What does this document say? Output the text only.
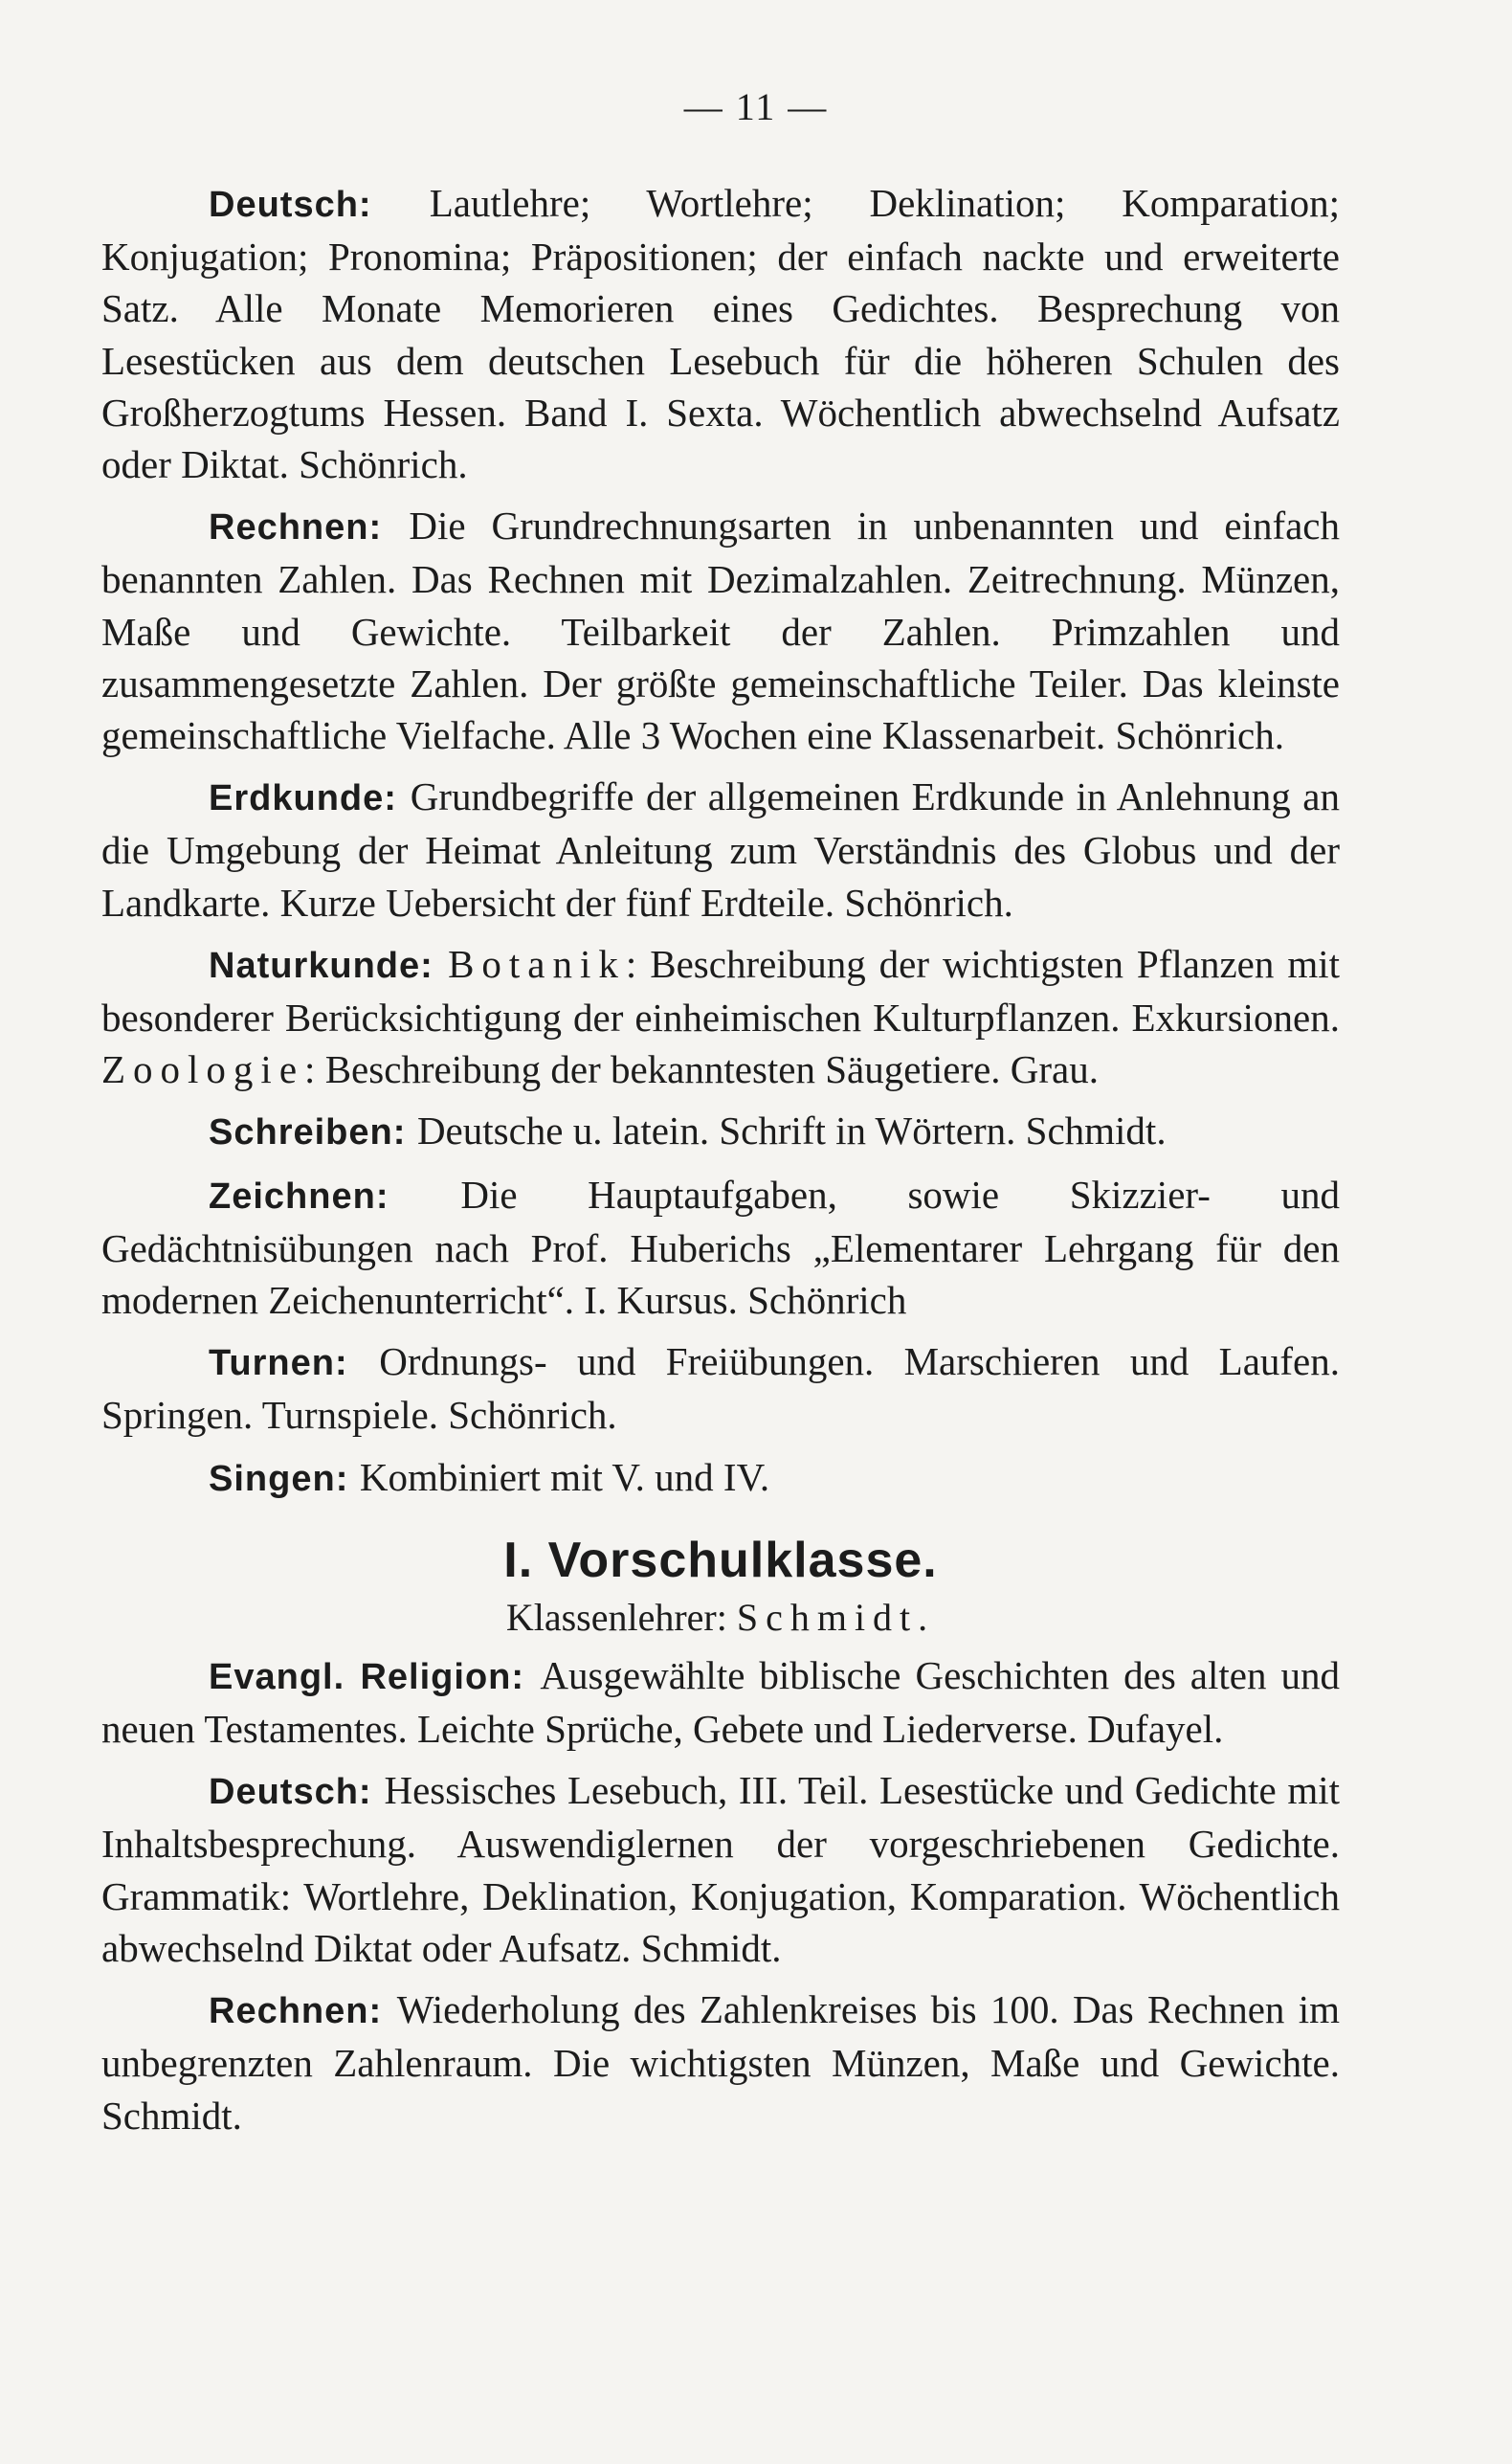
— 11 —

Deutsch: Lautlehre; Wortlehre; Deklination; Komparation; Konjugation; Pronomina; Präpositionen; der einfach nackte und erweiterte Satz. Alle Monate Memorieren eines Gedichtes. Besprechung von Lesestücken aus dem deutschen Lesebuch für die höheren Schulen des Großherzogtums Hessen. Band I. Sexta. Wöchentlich abwechselnd Aufsatz oder Diktat. Schönrich.

Rechnen: Die Grundrechnungsarten in unbenannten und einfach benannten Zahlen. Das Rechnen mit Dezimalzahlen. Zeitrechnung. Münzen, Maße und Gewichte. Teilbarkeit der Zahlen. Primzahlen und zusammengesetzte Zahlen. Der größte gemeinschaftliche Teiler. Das kleinste gemeinschaftliche Vielfache. Alle 3 Wochen eine Klassenarbeit. Schönrich.

Erdkunde: Grundbegriffe der allgemeinen Erdkunde in Anlehnung an die Umgebung der Heimat Anleitung zum Verständnis des Globus und der Landkarte. Kurze Uebersicht der fünf Erdteile. Schönrich.

Naturkunde: Botanik: Beschreibung der wichtigsten Pflanzen mit besonderer Berücksichtigung der einheimischen Kulturpflanzen. Exkursionen. Zoologie: Beschreibung der bekanntesten Säugetiere. Grau.

Schreiben: Deutsche u. latein. Schrift in Wörtern. Schmidt.

Zeichnen: Die Hauptaufgaben, sowie Skizzier- und Gedächtnisübungen nach Prof. Huberichs „Elementarer Lehrgang für den modernen Zeichenunterricht“. I. Kursus. Schönrich

Turnen: Ordnungs- und Freiübungen. Marschieren und Laufen. Springen. Turnspiele. Schönrich.

Singen: Kombiniert mit V. und IV.

I. Vorschulklasse.
Klassenlehrer: Schmidt.

Evangl. Religion: Ausgewählte biblische Geschichten des alten und neuen Testamentes. Leichte Sprüche, Gebete und Liederverse. Dufayel.

Deutsch: Hessisches Lesebuch, III. Teil. Lesestücke und Gedichte mit Inhaltsbesprechung. Auswendiglernen der vorgeschriebenen Gedichte. Grammatik: Wortlehre, Deklination, Konjugation, Komparation. Wöchentlich abwechselnd Diktat oder Aufsatz. Schmidt.

Rechnen: Wiederholung des Zahlenkreises bis 100. Das Rechnen im unbegrenzten Zahlenraum. Die wichtigsten Münzen, Maße und Gewichte. Schmidt.
